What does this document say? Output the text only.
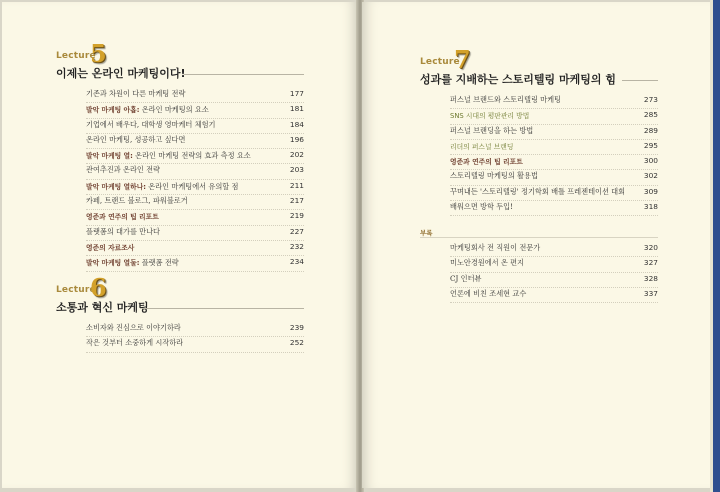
Lecture
5
이제는 온라인 마케팅이다!
기존과 차원이 다른 마케팅 전략	177
발악 마케팅 아홉: 온라인 마케팅의 요소	181
기업에서 배우다, 대학생 영마케터 체험기	184
온라인 마케팅, 성공하고 싶다면	196
발악 마케팅 열: 온라인 마케팅 전략의 효과 측정 요소	202
관여추진과 온라인 전략	203
발악 마케팅 열하나: 온라인 마케팅에서 유의할 점	211
카페, 트랜드 블로그, 파워블로거	217
영준과 연주의 팁 리포트	219
플랫폼의 대가를 만나다	227
영준의 자료조사	232
발악 마케팅 열둘: 플랫폼 전략	234
Lecture
6
소통과 혁신 마케팅
소비자와 진심으로 이야기하라	239
작은 것부터 소중하게 시작하라	252
Lecture
7
성과를 지배하는 스토리텔링 마케팅의 힘
퍼스널 브랜드와 스토리텔링 마케팅	273
SNS 시대의 평판관리 방법	285
퍼스널 브랜딩을 하는 방법	289
리더의 퍼스널 브랜딩	295
영준과 연주의 팁 리포트	300
스토리텔링 마케팅의 활용법	302
꾸며내든 '스토리텔링' 정기학회 배틀 프레젠테이션 대회	309
배워으면 방학 두입!	318
부록
마케팅회사 전 직원이 전문가	320
미노안경원에서 온 편지	327
CJ 인터뷰	328
언론에 비친 조세현 교수	337
